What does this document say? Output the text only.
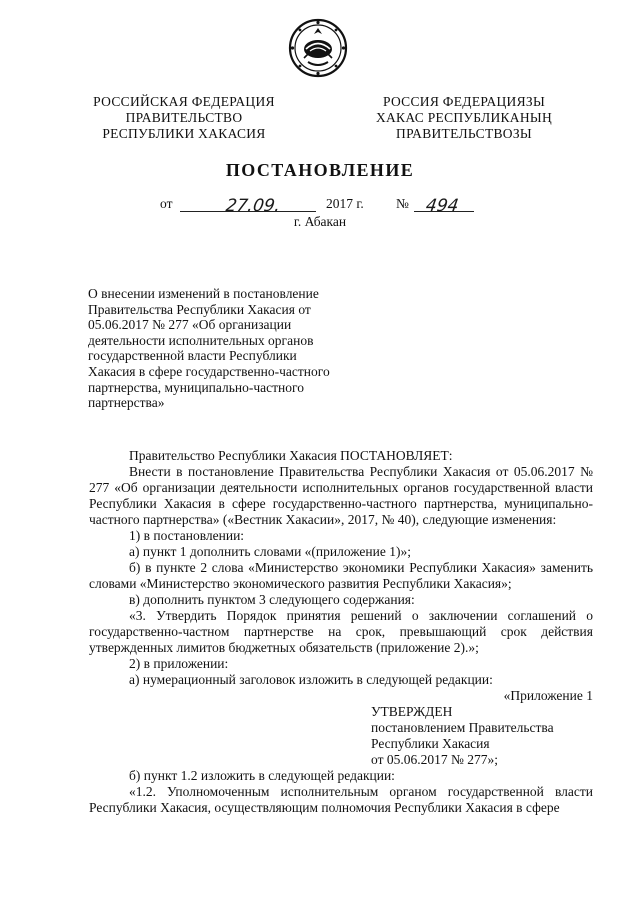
РОССИЙСКАЯ ФЕДЕРАЦИЯ
ПРАВИТЕЛЬСТВО
РЕСПУБЛИКИ ХАКАСИЯ
РОССИЯ ФЕДЕРАЦИЯЗЫ
ХАКАС РЕСПУБЛИКАНЫҢ
ПРАВИТЕЛЬСТВОЗЫ
ПОСТАНОВЛЕНИЕ
от	27.09.	2017 г. № 494
г. Абакан
О внесении изменений в постановление
Правительства Республики Хакасия от
05.06.2017 № 277 «Об организации
деятельности исполнительных органов
государственной власти Республики
Хакасия в сфере государственно-частного
партнерства, муниципально-частного
партнерства»

Правительство Республики Хакасия ПОСТАНОВЛЯЕТ:

Внести в постановление Правительства Республики Хакасия от 05.06.2017 № 277 «Об организации деятельности исполнительных органов государственной власти Республики Хакасия в сфере государственно-частного партнерства, муниципально-частного партнерства» («Вестник Хакасии», 2017, № 40), следующие изменения:

1) в постановлении:

а) пункт 1 дополнить словами «(приложение 1)»;

б) в пункте 2 слова «Министерство экономики Республики Хакасия» заменить словами «Министерство экономического развития Республики Хакасия»;

в) дополнить пунктом 3 следующего содержания:

«3. Утвердить Порядок принятия решений о заключении соглашений о государственно-частном партнерстве на срок, превышающий срок действия утвержденных лимитов бюджетных обязательств (приложение 2).»;

2) в приложении:

а) нумерационный заголовок изложить в следующей редакции:

«Приложение 1

УТВЕРЖДЕН

постановлением Правительства

Республики Хакасия

от 05.06.2017 № 277»;

б) пункт 1.2 изложить в следующей редакции:

«1.2. Уполномоченным исполнительным органом государственной власти Республики Хакасия, осуществляющим полномочия Республики Хакасия в сфере
